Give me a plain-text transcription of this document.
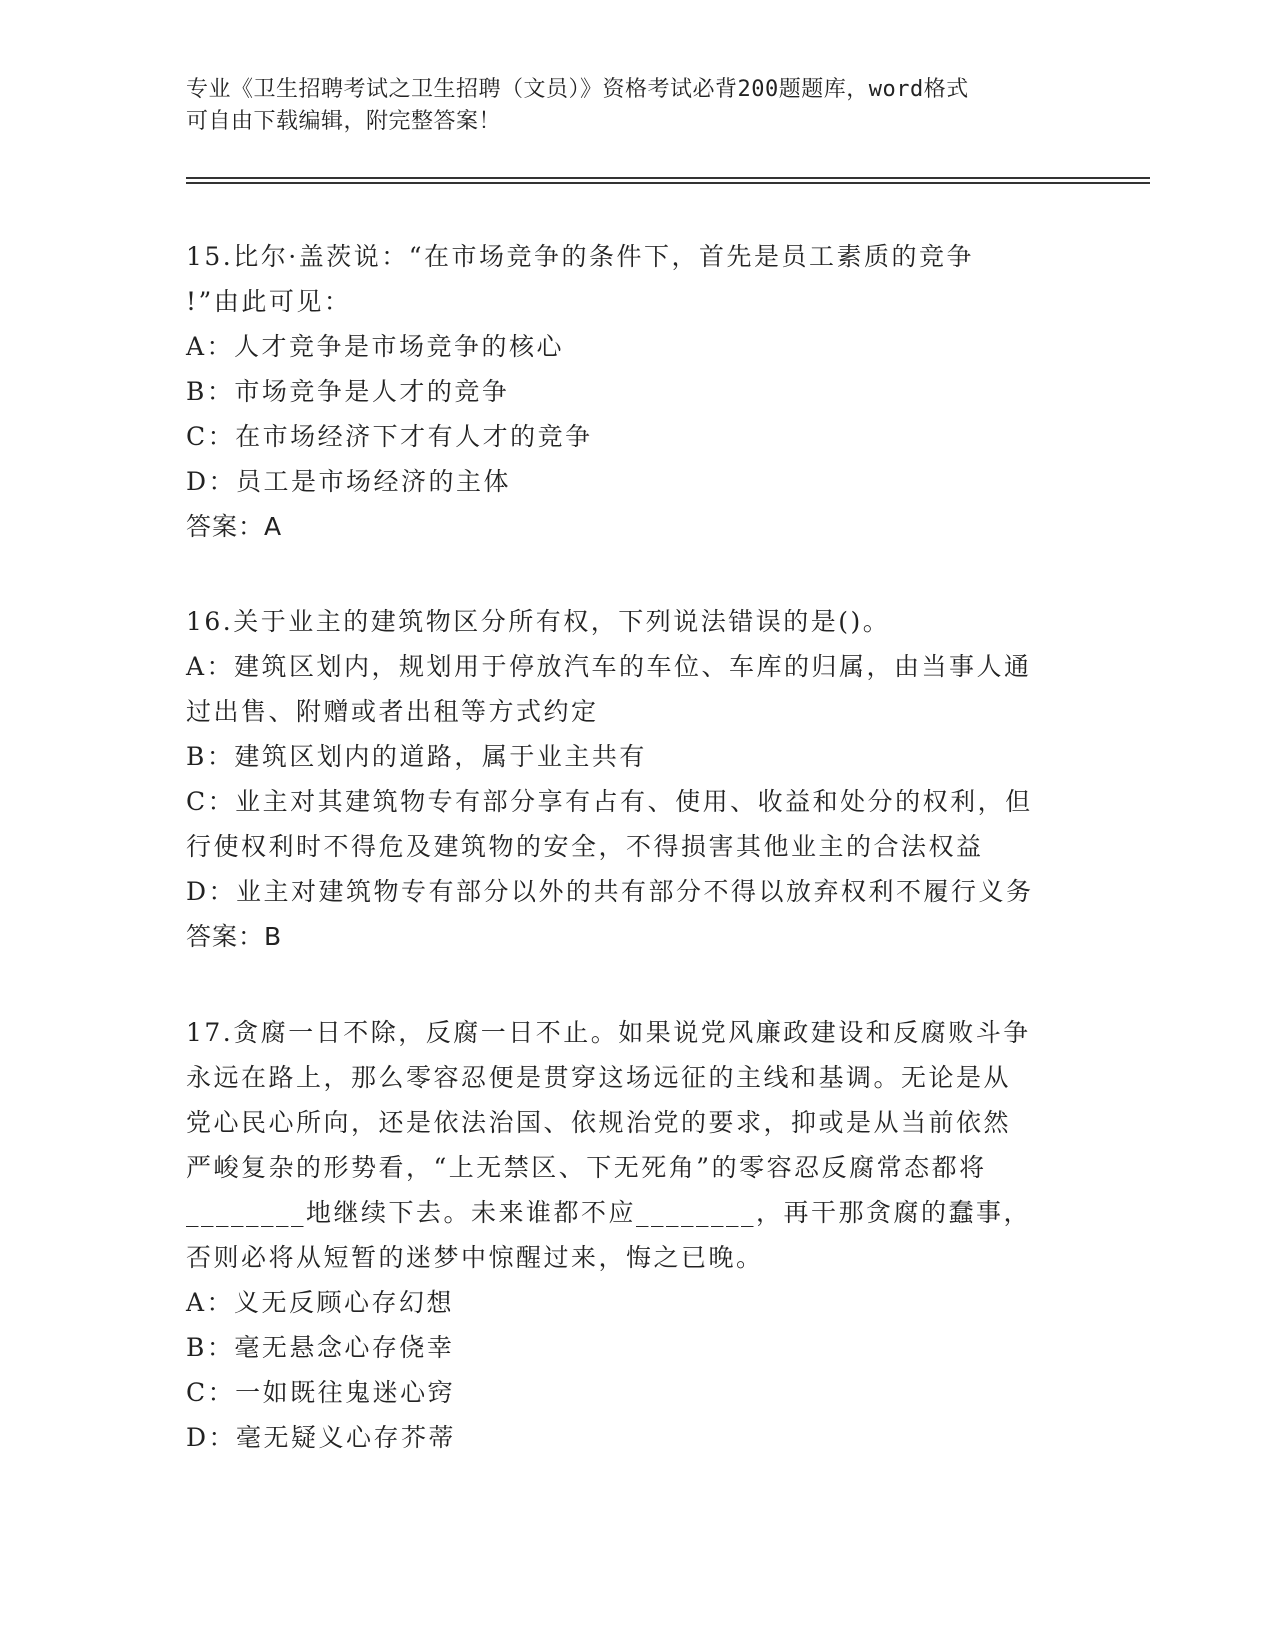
专业《卫生招聘考试之卫生招聘（文员）》资格考试必背200题题库，word格式
可自由下载编辑，附完整答案！
15.比尔·盖茨说：“在市场竞争的条件下，首先是员工素质的竞争
!”由此可见：
A：人才竞争是市场竞争的核心
B：市场竞争是人才的竞争
C：在市场经济下才有人才的竞争
D：员工是市场经济的主体
答案：A
16.关于业主的建筑物区分所有权，下列说法错误的是()。
A：建筑区划内，规划用于停放汽车的车位、车库的归属，由当事人通
过出售、附赠或者出租等方式约定
B：建筑区划内的道路，属于业主共有
C：业主对其建筑物专有部分享有占有、使用、收益和处分的权利，但
行使权利时不得危及建筑物的安全，不得损害其他业主的合法权益
D：业主对建筑物专有部分以外的共有部分不得以放弃权利不履行义务
答案：B
17.贪腐一日不除，反腐一日不止。如果说党风廉政建设和反腐败斗争
永远在路上，那么零容忍便是贯穿这场远征的主线和基调。无论是从
党心民心所向，还是依法治国、依规治党的要求，抑或是从当前依然
严峻复杂的形势看，“上无禁区、下无死角”的零容忍反腐常态都将
________地继续下去。未来谁都不应________，再干那贪腐的蠢事，
否则必将从短暂的迷梦中惊醒过来，悔之已晚。
A：义无反顾心存幻想
B：毫无悬念心存侥幸
C：一如既往鬼迷心窍
D：毫无疑义心存芥蒂
